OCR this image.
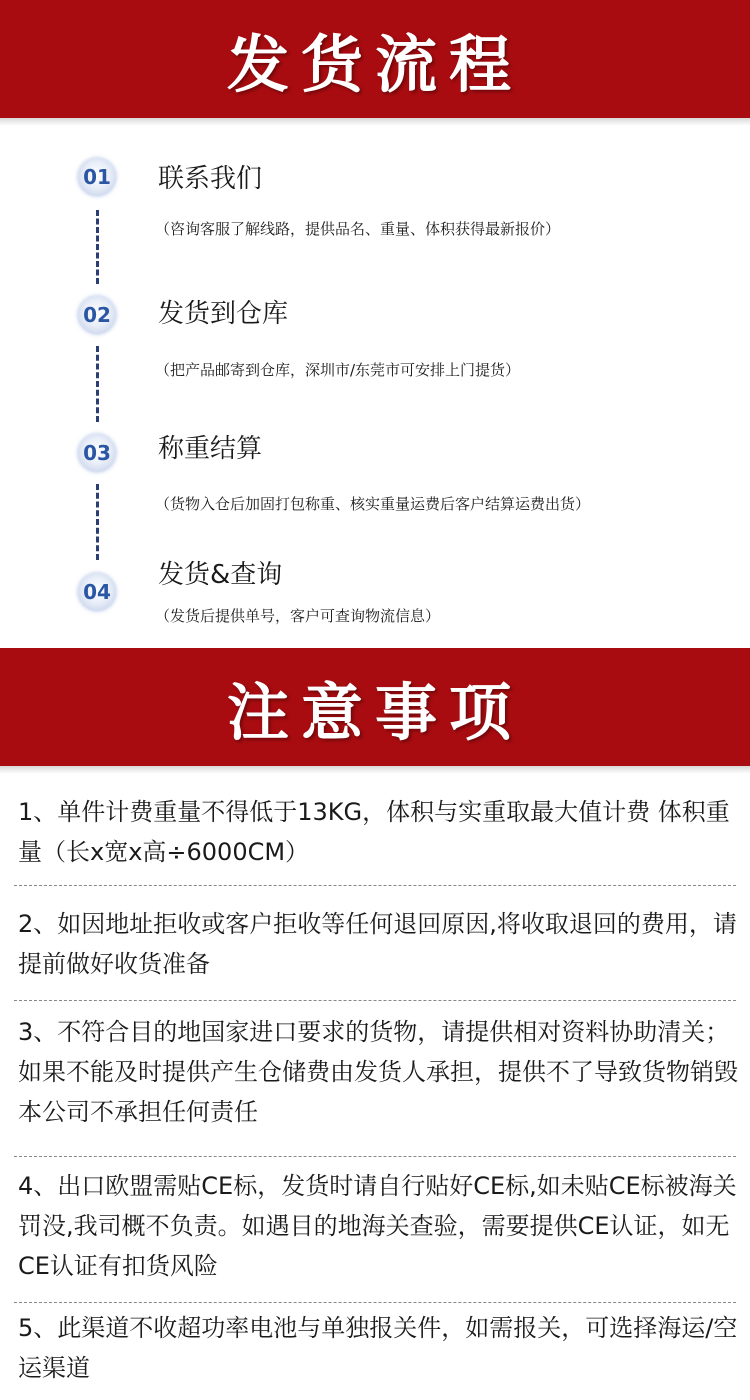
发货流程
01 联系我们
（咨询客服了解线路，提供品名、重量、体积获得最新报价）
02 发货到仓库
（把产品邮寄到仓库，深圳市/东莞市可安排上门提货）
03 称重结算
（货物入仓后加固打包称重、核实重量运费后客户结算运费出货）
04
发货&查询
（发货后提供单号，客户可查询物流信息）
注意事项
1、单件计费重量不得低于13KG，体积与实重取最大值计费 体积重量（长x宽x高÷6000CM）
2、如因地址拒收或客户拒收等任何退回原因,将收取退回的费用，请提前做好收货准备
3、不符合目的地国家进口要求的货物，请提供相对资料协助清关；如果不能及时提供产生仓储费由发货人承担，提供不了导致货物销毁本公司不承担任何责任
4、出口欧盟需贴CE标，发货时请自行贴好CE标,如未贴CE标被海关罚没,我司概不负责。如遇目的地海关查验，需要提供CE认证，如无CE认证有扣货风险
5、此渠道不收超功率电池与单独报关件，如需报关，可选择海运/空运渠道
